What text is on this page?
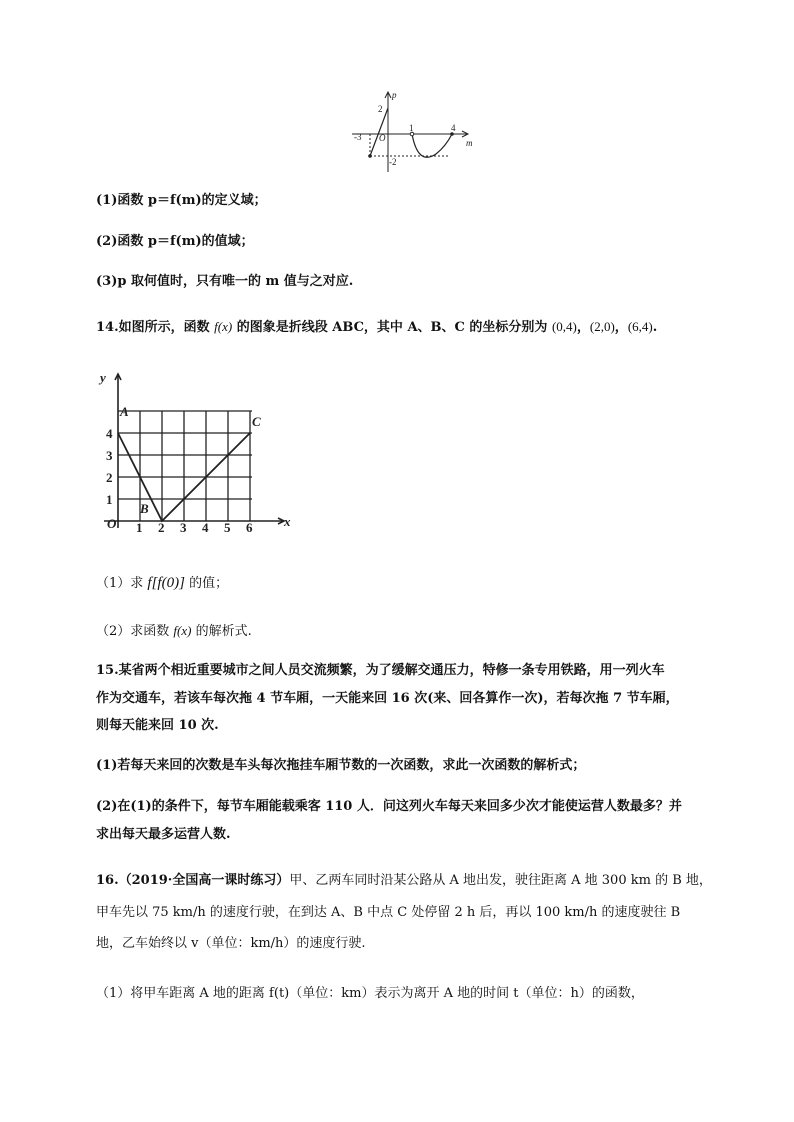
p
m
2
-3 O
1	4
-2
(1)函数 p＝f(m)的定义域；
(2)函数 p＝f(m)的值域；
(3)p 取何值时，只有唯一的 m 值与之对应.
14.如图所示，函数 f(x) 的图象是折线段 ABC，其中 A、B、C 的坐标分别为 (0,4)，(2,0)，(6,4).
y
x
O
A
B
C
1 2 3 4 5 6
1
2
3
4
（1）求 f[f(0)] 的值；
（2）求函数 f(x) 的解析式.
15.某省两个相近重要城市之间人员交流频繁，为了缓解交通压力，特修一条专用铁路，用一列火车
作为交通车，若该车每次拖 4 节车厢，一天能来回 16 次(来、回各算作一次)，若每次拖 7 节车厢，
则每天能来回 10 次.
(1)若每天来回的次数是车头每次拖挂车厢节数的一次函数，求此一次函数的解析式；
(2)在(1)的条件下，每节车厢能载乘客 110 人．问这列火车每天来回多少次才能使运营人数最多？并
求出每天最多运营人数.
16.（2019·全国高一课时练习）甲、乙两车同时沿某公路从 A 地出发，驶往距离 A 地 300 km 的 B 地，
甲车先以 75 km/h 的速度行驶，在到达 A、B 中点 C 处停留 2 h 后，再以 100 km/h 的速度驶往 B
地，乙车始终以 v（单位：km/h）的速度行驶.
（1）将甲车距离 A 地的距离 f(t)（单位：km）表示为离开 A 地的时间 t（单位：h）的函数，
